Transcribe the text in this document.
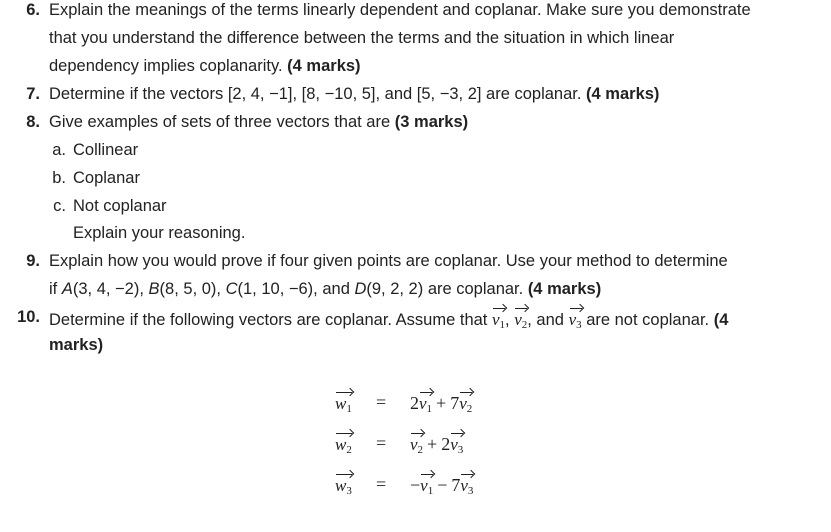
6. Explain the meanings of the terms linearly dependent and coplanar. Make sure you demonstrate
that you understand the difference between the terms and the situation in which linear
dependency implies coplanarity. (4 marks)
7. Determine if the vectors [2, 4, −1], [8, −10, 5], and [5, −3, 2] are coplanar. (4 marks)
8. Give examples of sets of three vectors that are (3 marks)
a. Collinear
b. Coplanar
c. Not coplanar
Explain your reasoning.
9. Explain how you would prove if four given points are coplanar. Use your method to determine
if A(3, 4, −2), B(8, 5, 0), C(1, 10, −6), and D(9, 2, 2) are coplanar. (4 marks)
10. Determine if the following vectors are coplanar. Assume that $v_1$, $v_2$, and $v_3$ are not coplanar. (4
marks)
$w_1 = 2v_1 + 7v_2$
$w_2 = v_2 + 2v_3$
$w_3 = -v_1 - 7v_3$
